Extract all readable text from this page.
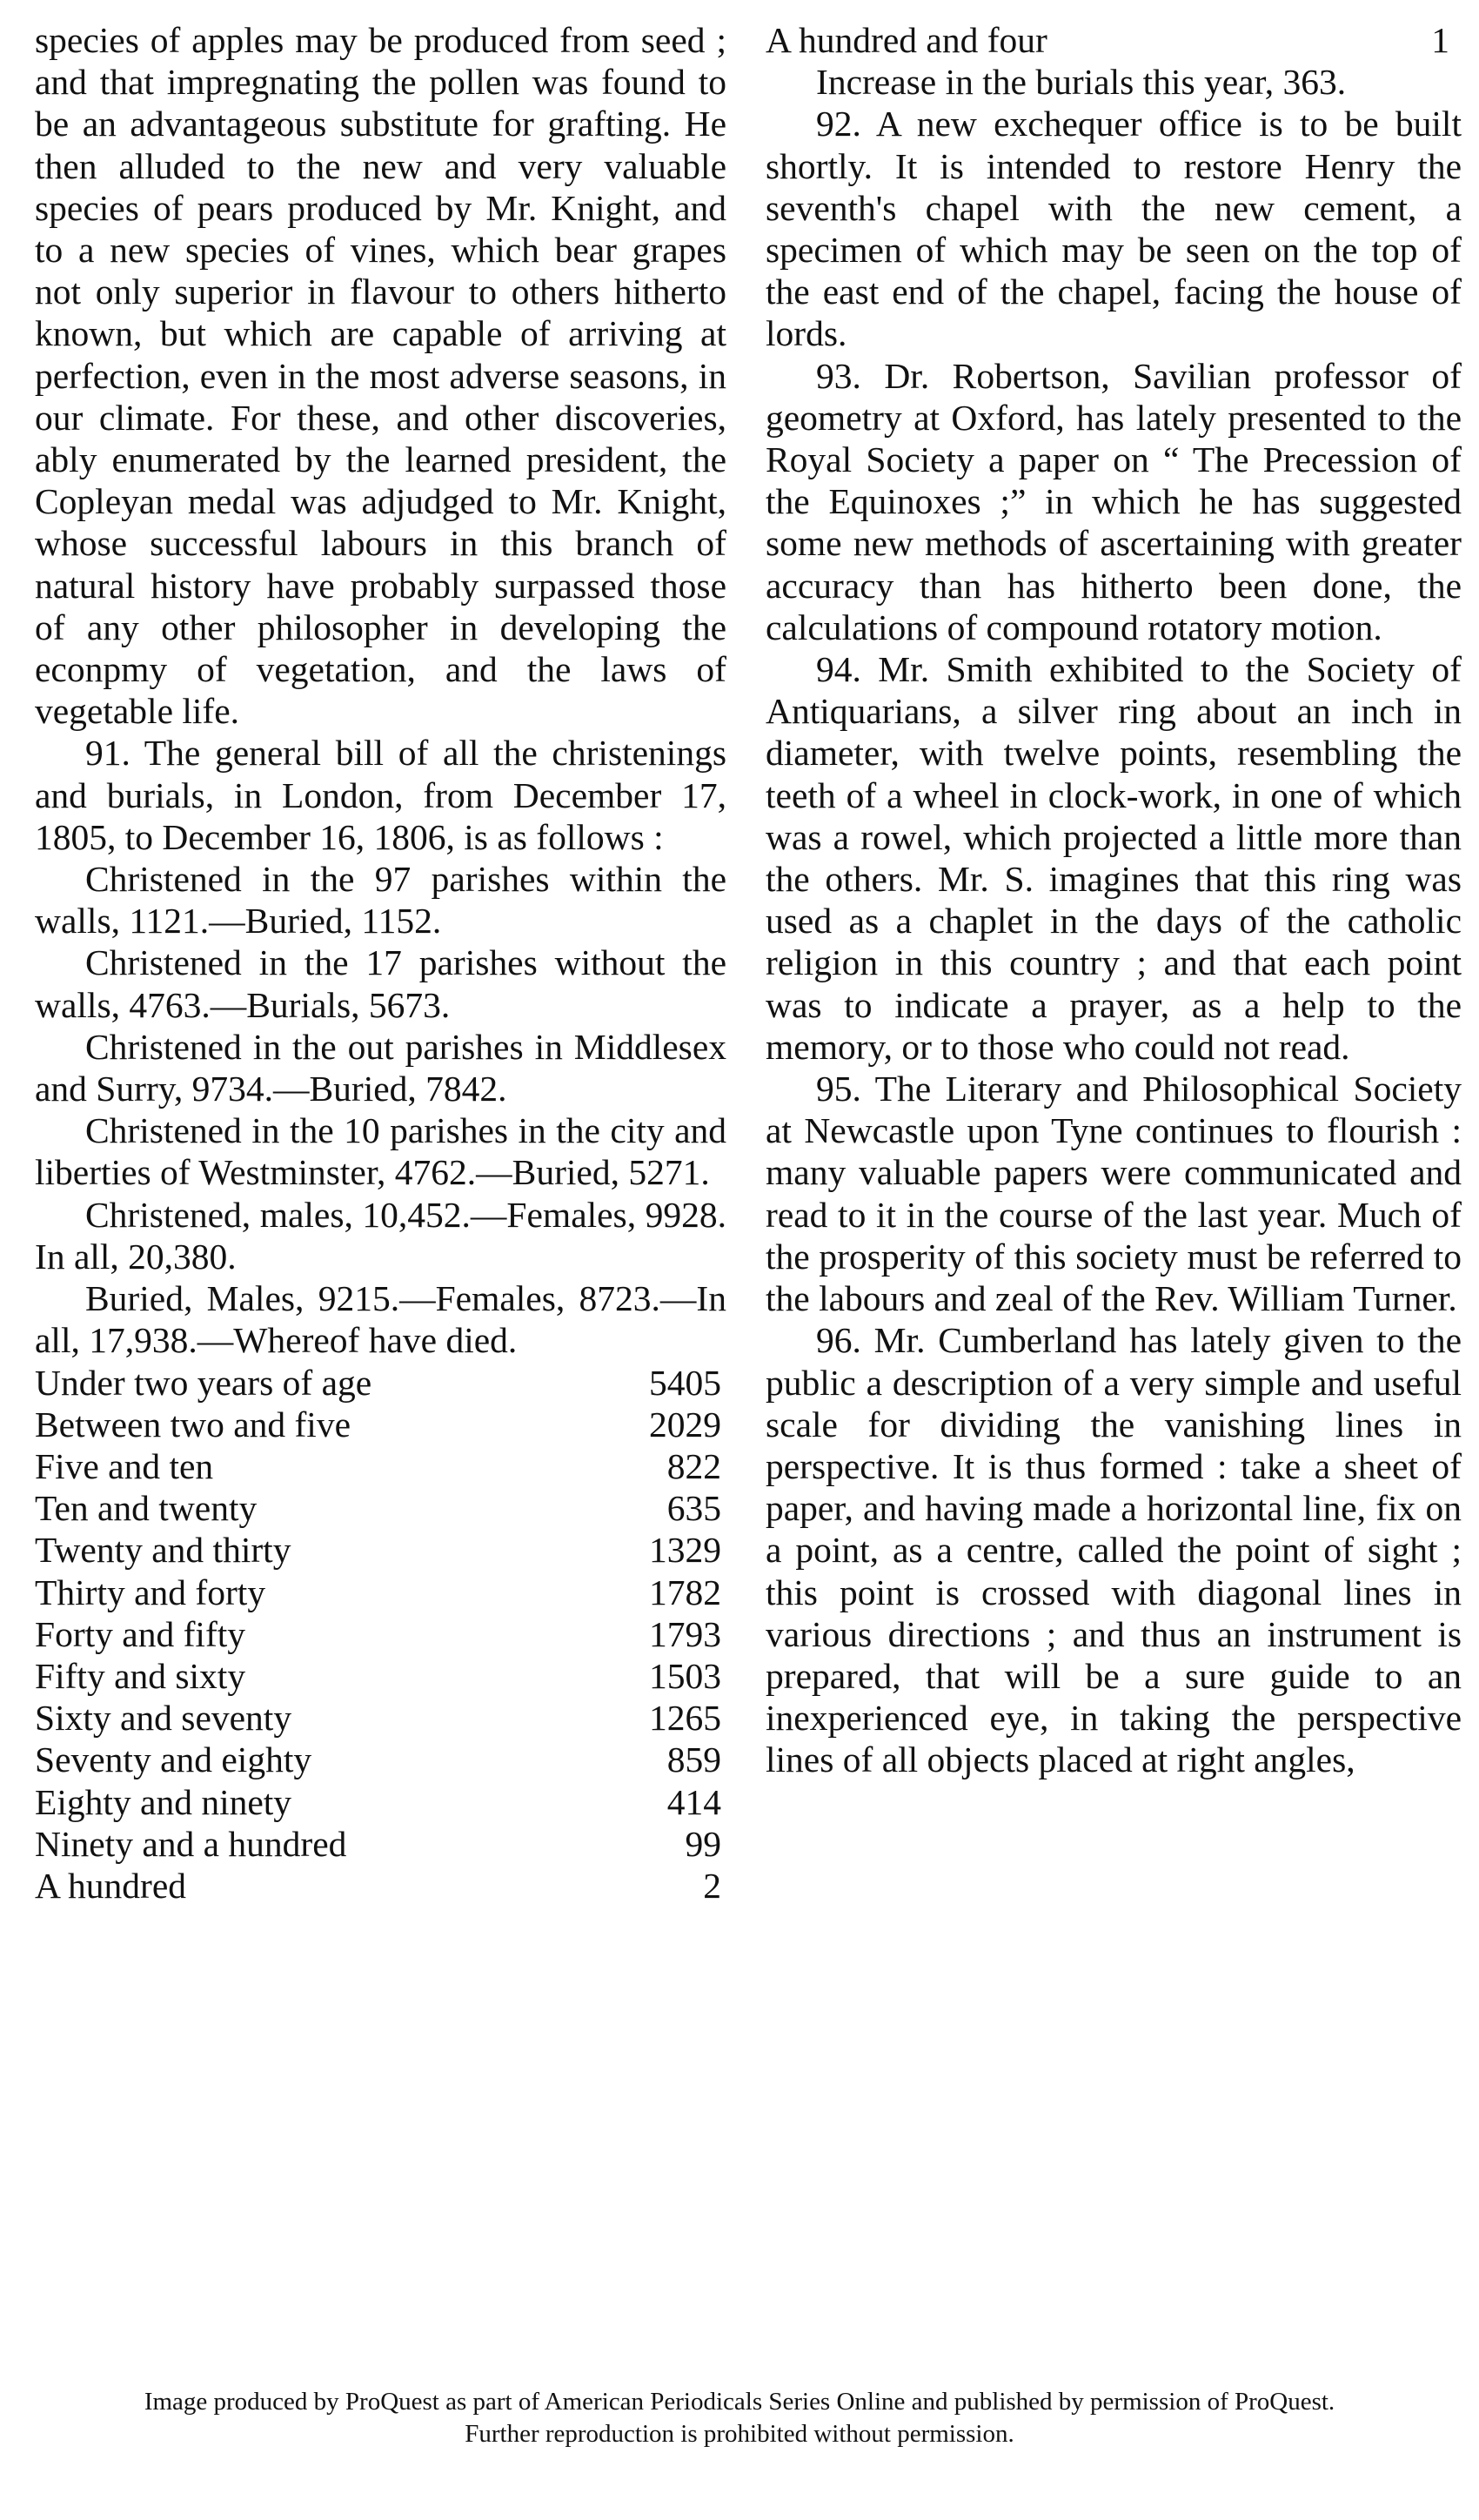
species of apples may be produced from seed ; and that impregnating the pollen was found to be an advantageous substitute for grafting. He then alluded to the new and very valuable species of pears produced by Mr. Knight, and to a new species of vines, which bear grapes not only superior in flavour to others hitherto known, but which are capable of arriving at perfection, even in the most adverse seasons, in our climate. For these, and other discoveries, ably enumerated by the learned president, the Copleyan medal was adjudged to Mr. Knight, whose successful labours in this branch of natural history have probably surpassed those of any other philosopher in developing the econpmy of vegetation, and the laws of vegetable life.

91. The general bill of all the christenings and burials, in London, from December 17, 1805, to December 16, 1806, is as follows :

Christened in the 97 parishes within the walls, 1121.—Buried, 1152.

Christened in the 17 parishes without the walls, 4763.—Burials, 5673.

Christened in the out parishes in Middlesex and Surry, 9734.—Buried, 7842.

Christened in the 10 parishes in the city and liberties of Westminster, 4762.—Buried, 5271.

Christened, males, 10,452.—Females, 9928. In all, 20,380.

Buried, Males, 9215.—Females, 8723.—In all, 17,938.—Whereof have died.

Under two years of age	5405
Between two and five	2029
Five and ten	822
Ten and twenty	635
Twenty and thirty	1329
Thirty and forty	1782
Forty and fifty	1793
Fifty and sixty	1503
Sixty and seventy	1265
Seventy and eighty	859
Eighty and ninety	414
Ninety and a hundred	99
A hundred	2
A hundred and four	1

Increase in the burials this year, 363.

92. A new exchequer office is to be built shortly. It is intended to restore Henry the seventh's chapel with the new cement, a specimen of which may be seen on the top of the east end of the chapel, facing the house of lords.

93. Dr. Robertson, Savilian professor of geometry at Oxford, has lately presented to the Royal Society a paper on “ The Precession of the Equinoxes ;” in which he has suggested some new methods of ascertaining with greater accuracy than has hitherto been done, the calculations of compound rotatory motion.

94. Mr. Smith exhibited to the Society of Antiquarians, a silver ring about an inch in diameter, with twelve points, resembling the teeth of a wheel in clock-work, in one of which was a rowel, which projected a little more than the others. Mr. S. imagines that this ring was used as a chaplet in the days of the catholic religion in this country ; and that each point was to indicate a prayer, as a help to the memory, or to those who could not read.

95. The Literary and Philosophical Society at Newcastle upon Tyne continues to flourish : many valuable papers were communicated and read to it in the course of the last year. Much of the prosperity of this society must be referred to the labours and zeal of the Rev. William Turner.

96. Mr. Cumberland has lately given to the public a description of a very simple and useful scale for dividing the vanishing lines in perspective. It is thus formed : take a sheet of paper, and having made a horizontal line, fix on a point, as a centre, called the point of sight ; this point is crossed with diagonal lines in various directions ; and thus an instrument is prepared, that will be a sure guide to an inexperienced eye, in taking the perspective lines of all objects placed at right angles,

Image produced by ProQuest as part of American Periodicals Series Online and published by permission of ProQuest.
Further reproduction is prohibited without permission.
